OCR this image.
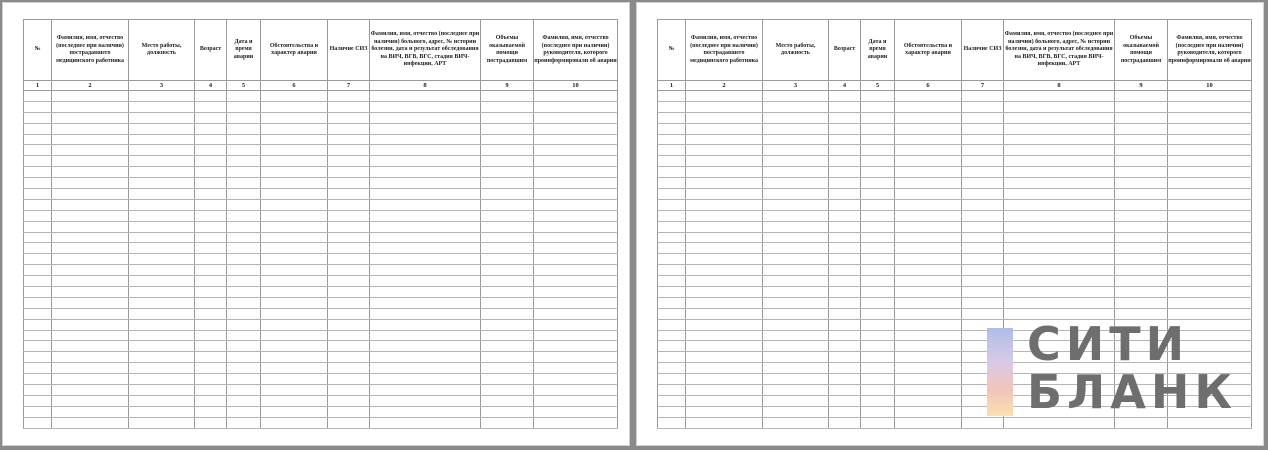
№	Фамилия, имя, отчество (последнее при наличии) пострадавшего медицинского работника	Место работы, должность	Возраст	Дата и время аварии	Обстоятельства и характер аварии	Наличие СИЗ	Фамилия, имя, отчество (последнее при наличии) больного, адрес, № истории болезни, дата и результат обследования на ВИЧ, ВГВ, ВГС, стадия ВИЧ-инфекции, АРТ	Объемы оказываемой помощи пострадавшим	Фамилия, имя, отчество (последнее при наличии) руководителя, которого проинформировали об аварии
1	2	3	4	5	6	7	8	9	10

№	Фамилия, имя, отчество (последнее при наличии) пострадавшего медицинского работника	Место работы, должность	Возраст	Дата и время аварии	Обстоятельства и характер аварии	Наличие СИЗ	Фамилия, имя, отчество (последнее при наличии) больного, адрес, № истории болезни, дата и результат обследования на ВИЧ, ВГВ, ВГС, стадия ВИЧ-инфекции, АРТ	Объемы оказываемой помощи пострадавшим	Фамилия, имя, отчество (последнее при наличии) руководителя, которого проинформировали об аварии
1	2	3	4	5	6	7	8	9	10

СИТИ
БЛАНК
